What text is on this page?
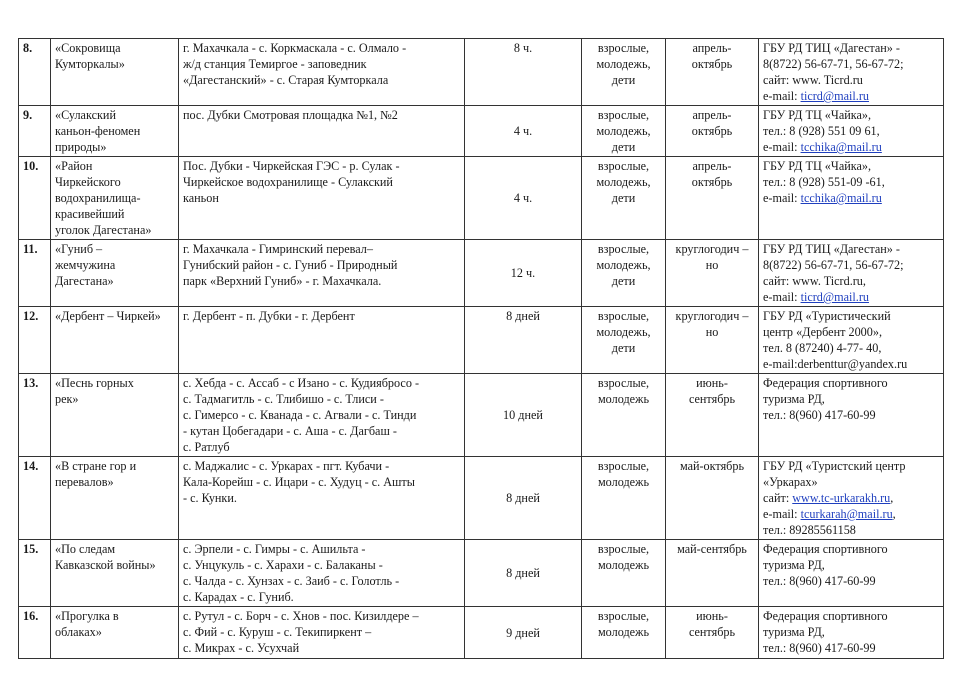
8.	«Сокровища
Кумторкалы»	г. Махачкала - с. Коркмаскала - с. Олмало -
ж/д станция Темиргое - заповедник
«Дагестанский» - с. Старая Кумторкала	8 ч.	взрослые,
молодежь,
дети	апрель-
октябрь	ГБУ РД ТИЦ «Дагестан» -
8(8722) 56-67-71, 56-67-72;
сайт: www. Ticrd.ru
e-mail: ticrd@mail.ru

9.	«Сулакский
каньон-феномен
природы»	пос. Дубки Смотровая площадка №1, №2	4 ч.	взрослые,
молодежь,
дети	апрель-
октябрь	ГБУ РД ТЦ «Чайка»,
тел.: 8 (928) 551 09 61,
e-mail: tcchika@mail.ru

10.	«Район
Чиркейского
водохранилища-
красивейший
уголок Дагестана»	Пос. Дубки - Чиркейская ГЭС - р. Сулак -
Чиркейское водохранилище - Сулакский
каньон	4 ч.	взрослые,
молодежь,
дети	апрель-
октябрь	ГБУ РД ТЦ «Чайка»,
тел.: 8 (928) 551-09 -61,
e-mail: tcchika@mail.ru

11.	«Гуниб –
жемчужина
Дагестана»	г. Махачкала - Гимринский перевал–
Гунибский район - с. Гуниб - Природный
парк «Верхний Гуниб» - г. Махачкала.	12 ч.	взрослые,
молодежь,
дети	круглогодич –
но	ГБУ РД ТИЦ «Дагестан» -
8(8722) 56-67-71, 56-67-72;
сайт: www. Ticrd.ru,
e-mail: ticrd@mail.ru

12.	«Дербент – Чиркей»	г. Дербент - п. Дубки - г. Дербент	8 дней	взрослые,
молодежь,
дети	круглогодич –
но	ГБУ РД «Туристический
центр «Дербент 2000»,
тел. 8 (87240) 4-77- 40,
e-mail:derbenttur@yandex.ru

13.	«Песнь горных
рек»	с. Хебда - с. Ассаб - с Изано - с. Кудиябросо -
с. Тадмагитль - с. Тлибишо - с. Тлиси -
с. Гимерсо - с. Кванада - с. Агвали - с. Тинди
- кутан Цобегадари - с. Аша - с. Дагбаш -
с. Ратлуб	10 дней	взрослые,
молодежь	июнь-
сентябрь	Федерация спортивного
туризма РД,
тел.: 8(960) 417-60-99

14.	«В стране гор и
перевалов»	с. Маджалис - с. Уркарах - пгт. Кубачи -
Кала-Корейш - с. Ицари - с. Худуц - с. Ашты
- с. Кунки.	8 дней	взрослые,
молодежь	май-октябрь	ГБУ РД «Туристский центр
«Уркарах»
сайт: www.tc-urkarakh.ru,
e-mail: tcurkarah@mail.ru,
тел.: 89285561158

15.	«По следам
Кавказской войны»	с. Эрпели - с. Гимры - с. Ашильта -
с. Унцукуль - с. Харахи - с. Балаканы -
с. Чалда - с. Хунзах - с. Заиб - с. Голотль -
с. Карадах - с. Гуниб.	8 дней	взрослые,
молодежь	май-сентябрь	Федерация спортивного
туризма РД,
тел.: 8(960) 417-60-99

16.	«Прогулка в
облаках»	с. Рутул - с. Борч - с. Хнов - пос. Кизилдере –
с. Фий - с. Куруш - с. Текипиркент –
с. Микрах - с. Усухчай	9 дней	взрослые,
молодежь	июнь-
сентябрь	Федерация спортивного
туризма РД,
тел.: 8(960) 417-60-99
